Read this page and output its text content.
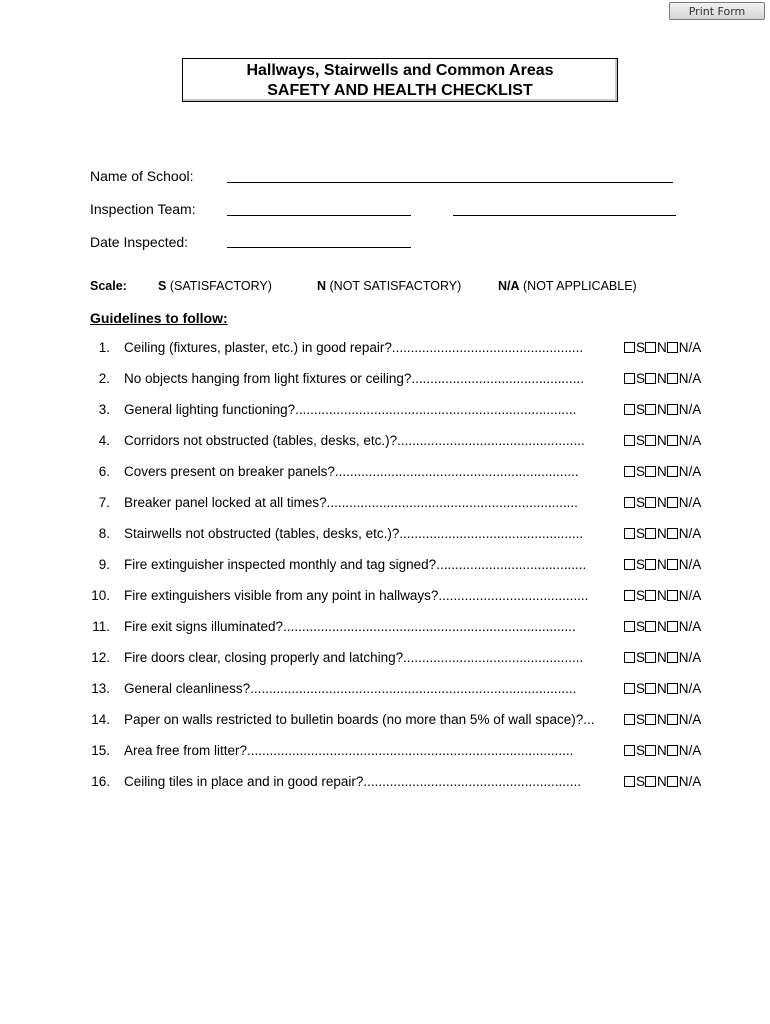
Print Form
Hallways, Stairwells and Common Areas
SAFETY AND HEALTH CHECKLIST
Name of School:
Inspection Team:
Date Inspected:
Scale: S (SATISFACTORY)	N (NOT SATISFACTORY)	N/A (NOT APPLICABLE)
Guidelines to follow:
1. Ceiling (fixtures, plaster, etc.) in good repair?...................................................	S N N/A
2. No objects hanging from light fixtures or ceiling?..............................................	S N N/A
3. General lighting functioning?...........................................................................	S N N/A
4. Corridors not obstructed (tables, desks, etc.)?..................................................	S N N/A
6. Covers present on breaker panels?.................................................................	S N N/A
7. Breaker panel locked at all times?...................................................................	S N N/A
8. Stairwells not obstructed (tables, desks, etc.)?.................................................	S N N/A
9. Fire extinguisher inspected monthly and tag signed?........................................	S N N/A
10. Fire extinguishers visible from any point in hallways?........................................	S N N/A
11. Fire exit signs illuminated?..............................................................................	S N N/A
12. Fire doors clear, closing properly and latching?................................................	S N N/A
13. General cleanliness?.......................................................................................	S N N/A
14. Paper on walls restricted to bulletin boards (no more than 5% of wall space)?...	S N N/A
15. Area free from litter?.......................................................................................	S N N/A
16. Ceiling tiles in place and in good repair?..........................................................	S N N/A
